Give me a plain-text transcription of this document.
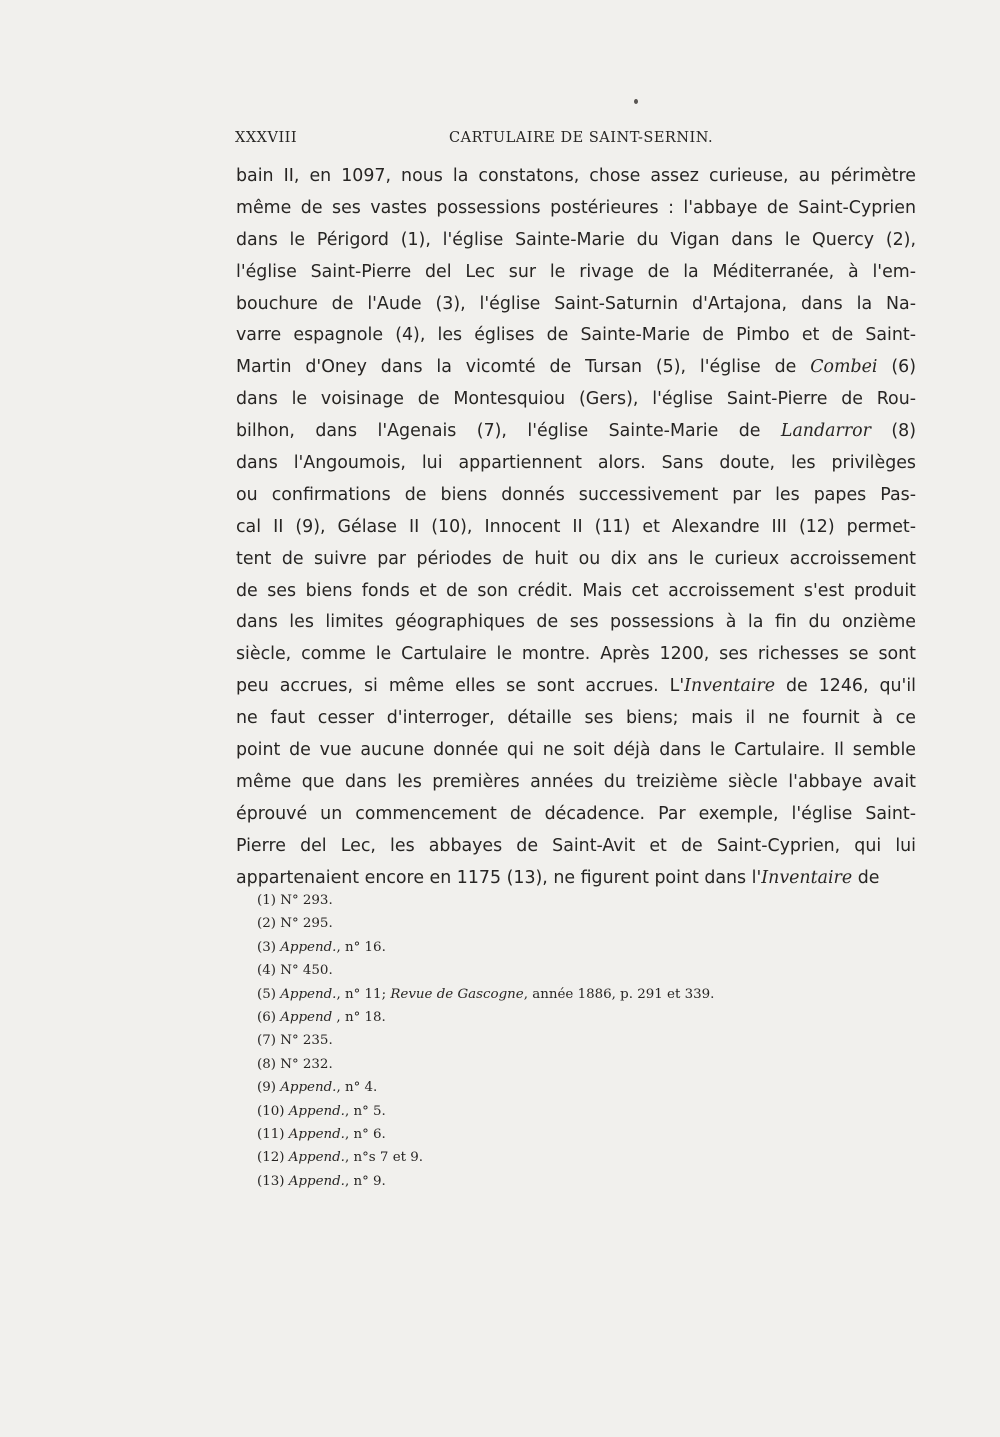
XXXVIII	CARTULAIRE DE SAINT-SERNIN.
bain II, en 1097, nous la constatons, chose assez curieuse, au périmètre
même de ses vastes possessions postérieures : l'abbaye de Saint-Cyprien
dans le Périgord (1), l'église Sainte-Marie du Vigan dans le Quercy (2),
l'église Saint-Pierre del Lec sur le rivage de la Méditerranée, à l'em-
bouchure de l'Aude (3), l'église Saint-Saturnin d'Artajona, dans la Na-
varre espagnole (4), les églises de Sainte-Marie de Pimbo et de Saint-
Martin d'Oney dans la vicomté de Tursan (5), l'église de Combei (6)
dans le voisinage de Montesquiou (Gers), l'église Saint-Pierre de Rou-
bilhon, dans l'Agenais (7), l'église Sainte-Marie de Landarror (8)
dans l'Angoumois, lui appartiennent alors. Sans doute, les privilèges
ou confirmations de biens donnés successivement par les papes Pas-
cal II (9), Gélase II (10), Innocent II (11) et Alexandre III (12) permet-
tent de suivre par périodes de huit ou dix ans le curieux accroissement
de ses biens fonds et de son crédit. Mais cet accroissement s'est produit
dans les limites géographiques de ses possessions à la fin du onzième
siècle, comme le Cartulaire le montre. Après 1200, ses richesses se sont
peu accrues, si même elles se sont accrues. L'Inventaire de 1246, qu'il
ne faut cesser d'interroger, détaille ses biens; mais il ne fournit à ce
point de vue aucune donnée qui ne soit déjà dans le Cartulaire. Il semble
même que dans les premières années du treizième siècle l'abbaye avait
éprouvé un commencement de décadence. Par exemple, l'église Saint-
Pierre del Lec, les abbayes de Saint-Avit et de Saint-Cyprien, qui lui
appartenaient encore en 1175 (13), ne figurent point dans l'Inventaire de
(1) N° 293.
(2) N° 295.
(3) Append., n° 16.
(4) N° 450.
(5) Append., n° 11; Revue de Gascogne, année 1886, p. 291 et 339.
(6) Append , n° 18.
(7) N° 235.
(8) N° 232.
(9) Append., n° 4.
(10) Append., n° 5.
(11) Append., n° 6.
(12) Append., n°s 7 et 9.
(13) Append., n° 9.
